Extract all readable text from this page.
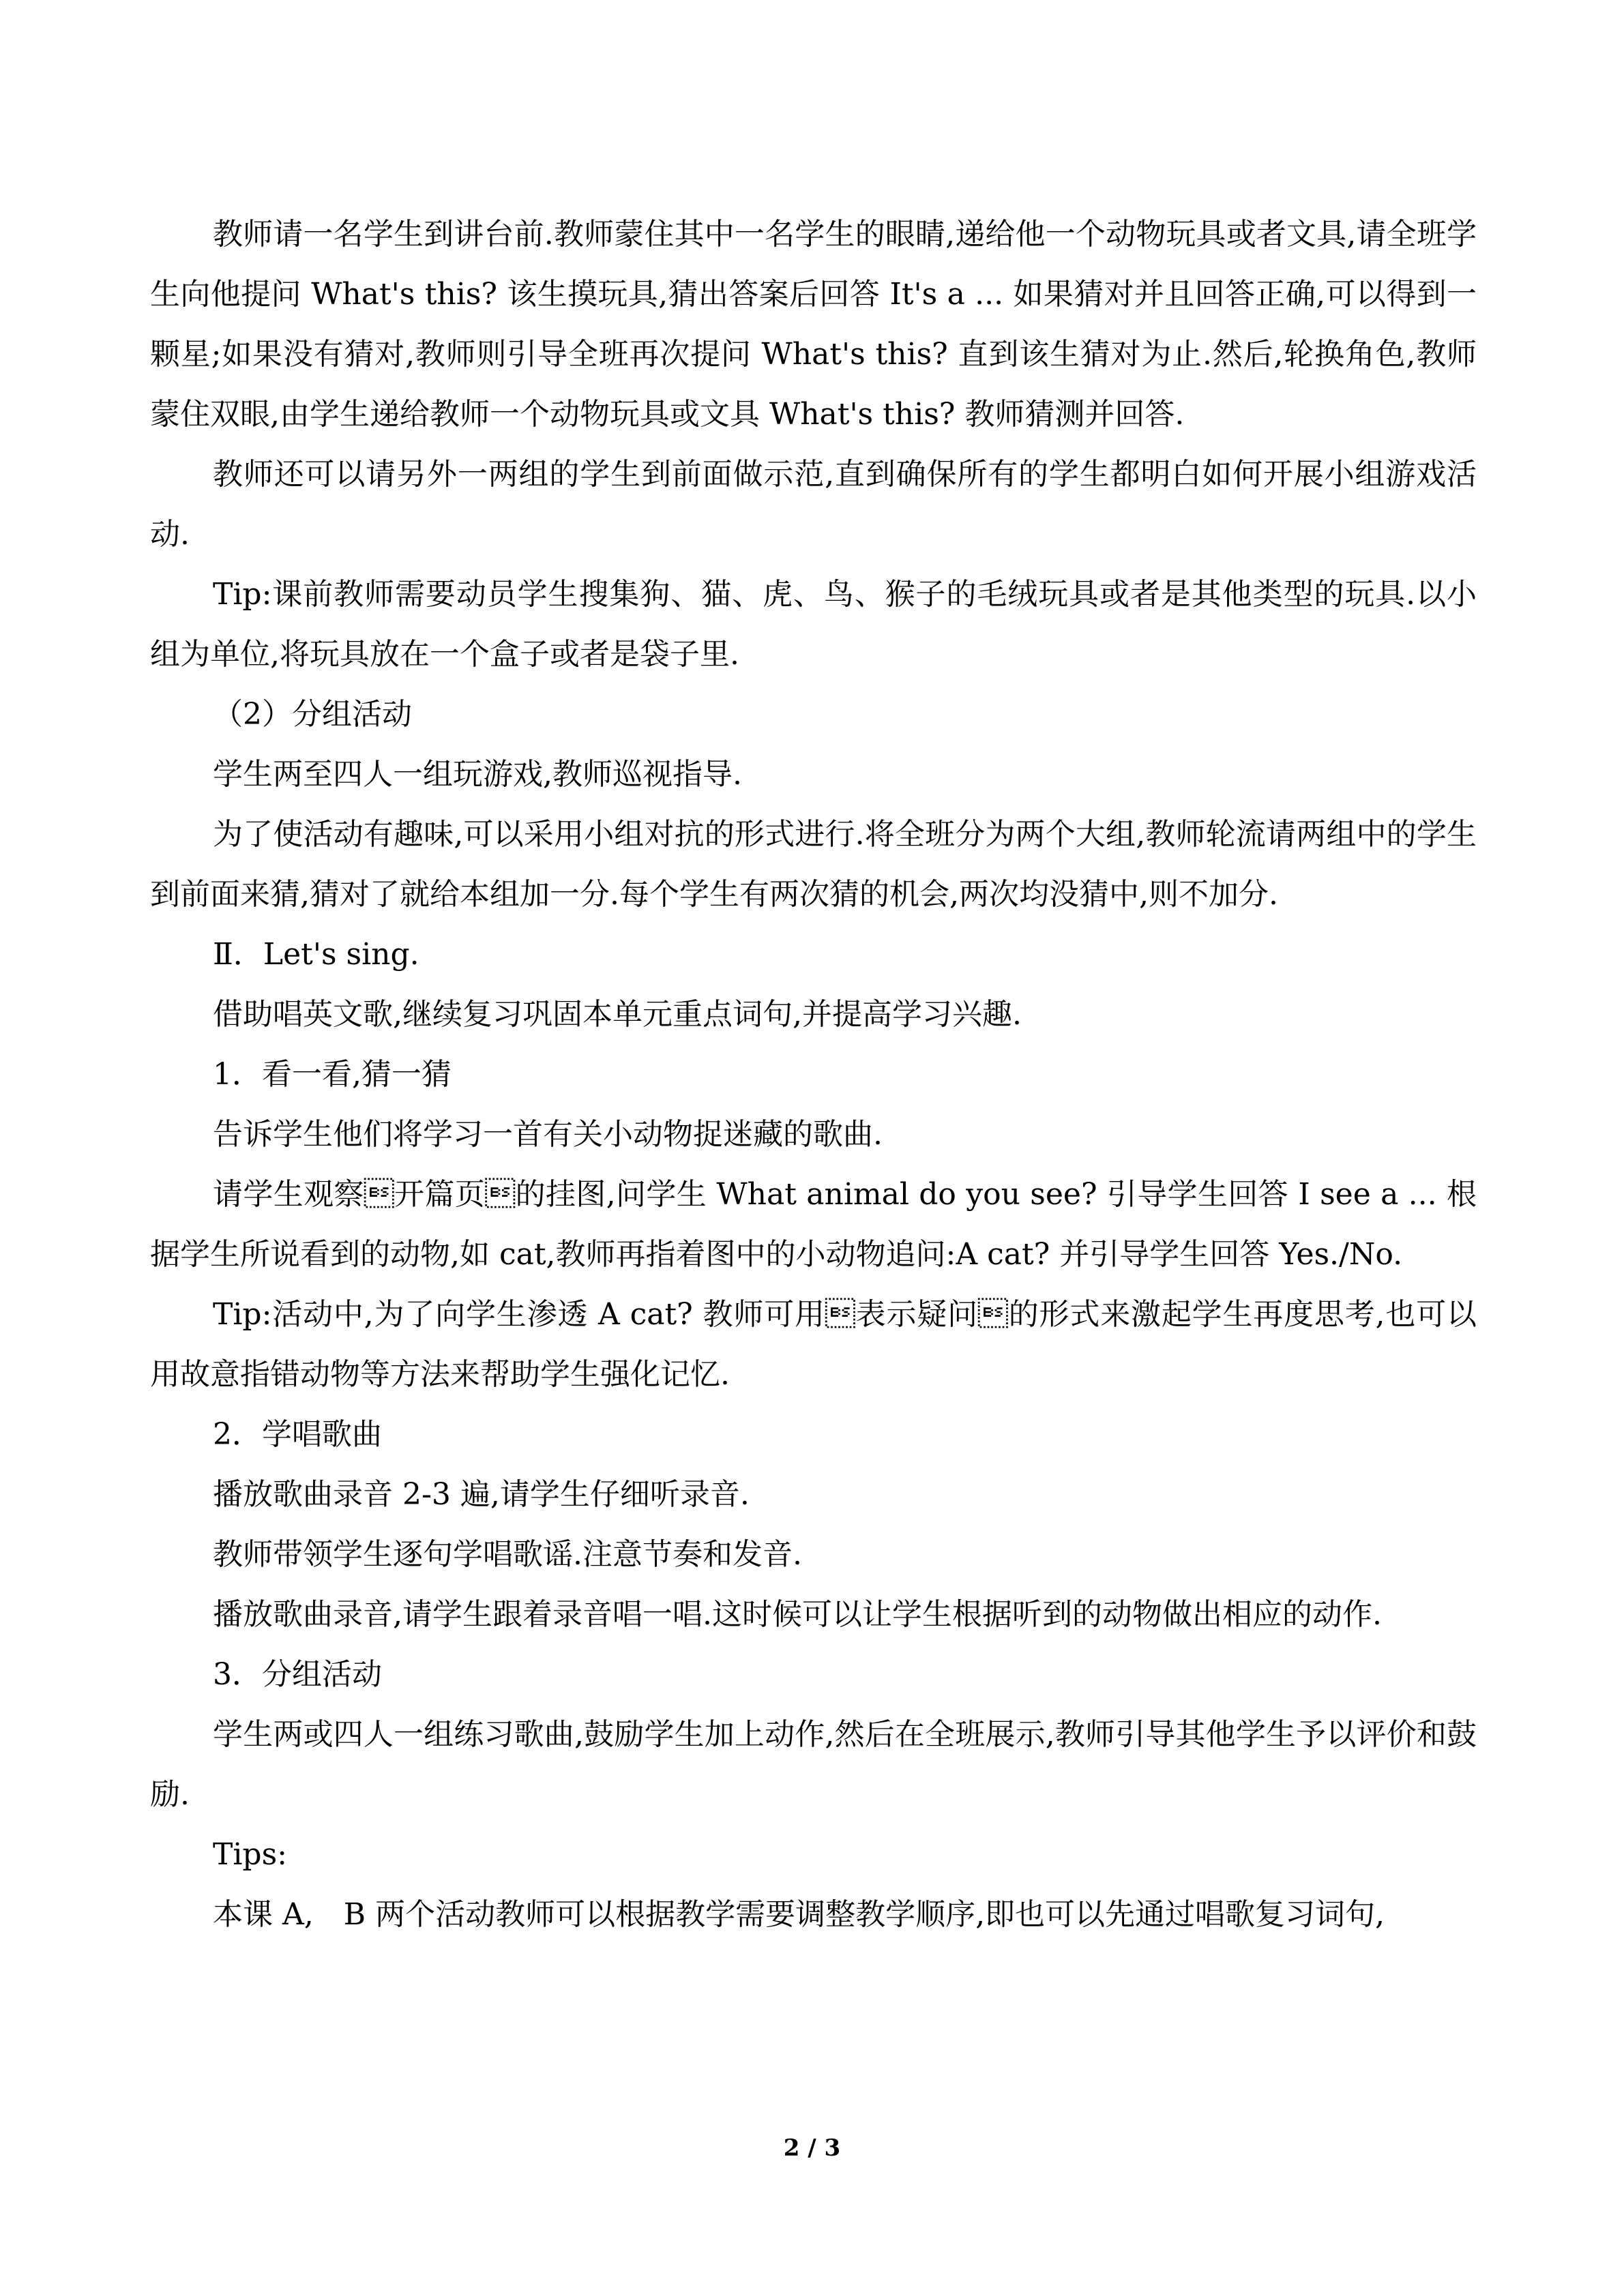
教师请一名学生到讲台前.教师蒙住其中一名学生的眼睛,递给他一个动物玩具或者文具,请全班学生向他提问 What's this? 该生摸玩具,猜出答案后回答 It's a ... 如果猜对并且回答正确,可以得到一颗星;如果没有猜对,教师则引导全班再次提问 What's this? 直到该生猜对为止.然后,轮换角色,教师蒙住双眼,由学生递给教师一个动物玩具或文具 What's this? 教师猜测并回答.

教师还可以请另外一两组的学生到前面做示范,直到确保所有的学生都明白如何开展小组游戏活动.

Tip:课前教师需要动员学生搜集狗、猫、虎、鸟、猴子的毛绒玩具或者是其他类型的玩具.以小组为单位,将玩具放在一个盒子或者是袋子里.

（2）分组活动

学生两至四人一组玩游戏,教师巡视指导.

为了使活动有趣味,可以采用小组对抗的形式进行.将全班分为两个大组,教师轮流请两组中的学生到前面来猜,猜对了就给本组加一分.每个学生有两次猜的机会,两次均没猜中,则不加分.

Ⅱ．Let's sing.

借助唱英文歌,继续复习巩固本单元重点词句,并提高学习兴趣.

1．看一看,猜一猜

告诉学生他们将学习一首有关小动物捉迷藏的歌曲.

请学生观察开篇页的挂图,问学生 What animal do you see? 引导学生回答 I see a ... 根据学生所说看到的动物,如 cat,教师再指着图中的小动物追问:A cat? 并引导学生回答 Yes./No.

Tip:活动中,为了向学生渗透 A cat? 教师可用表示疑问的形式来激起学生再度思考,也可以用故意指错动物等方法来帮助学生强化记忆.

2．学唱歌曲

播放歌曲录音 2-3 遍,请学生仔细听录音.

教师带领学生逐句学唱歌谣.注意节奏和发音.

播放歌曲录音,请学生跟着录音唱一唱.这时候可以让学生根据听到的动物做出相应的动作.

3．分组活动

学生两或四人一组练习歌曲,鼓励学生加上动作,然后在全班展示,教师引导其他学生予以评价和鼓励.

Tips:

本课 A,　B 两个活动教师可以根据教学需要调整教学顺序,即也可以先通过唱歌复习词句,

2 / 3
